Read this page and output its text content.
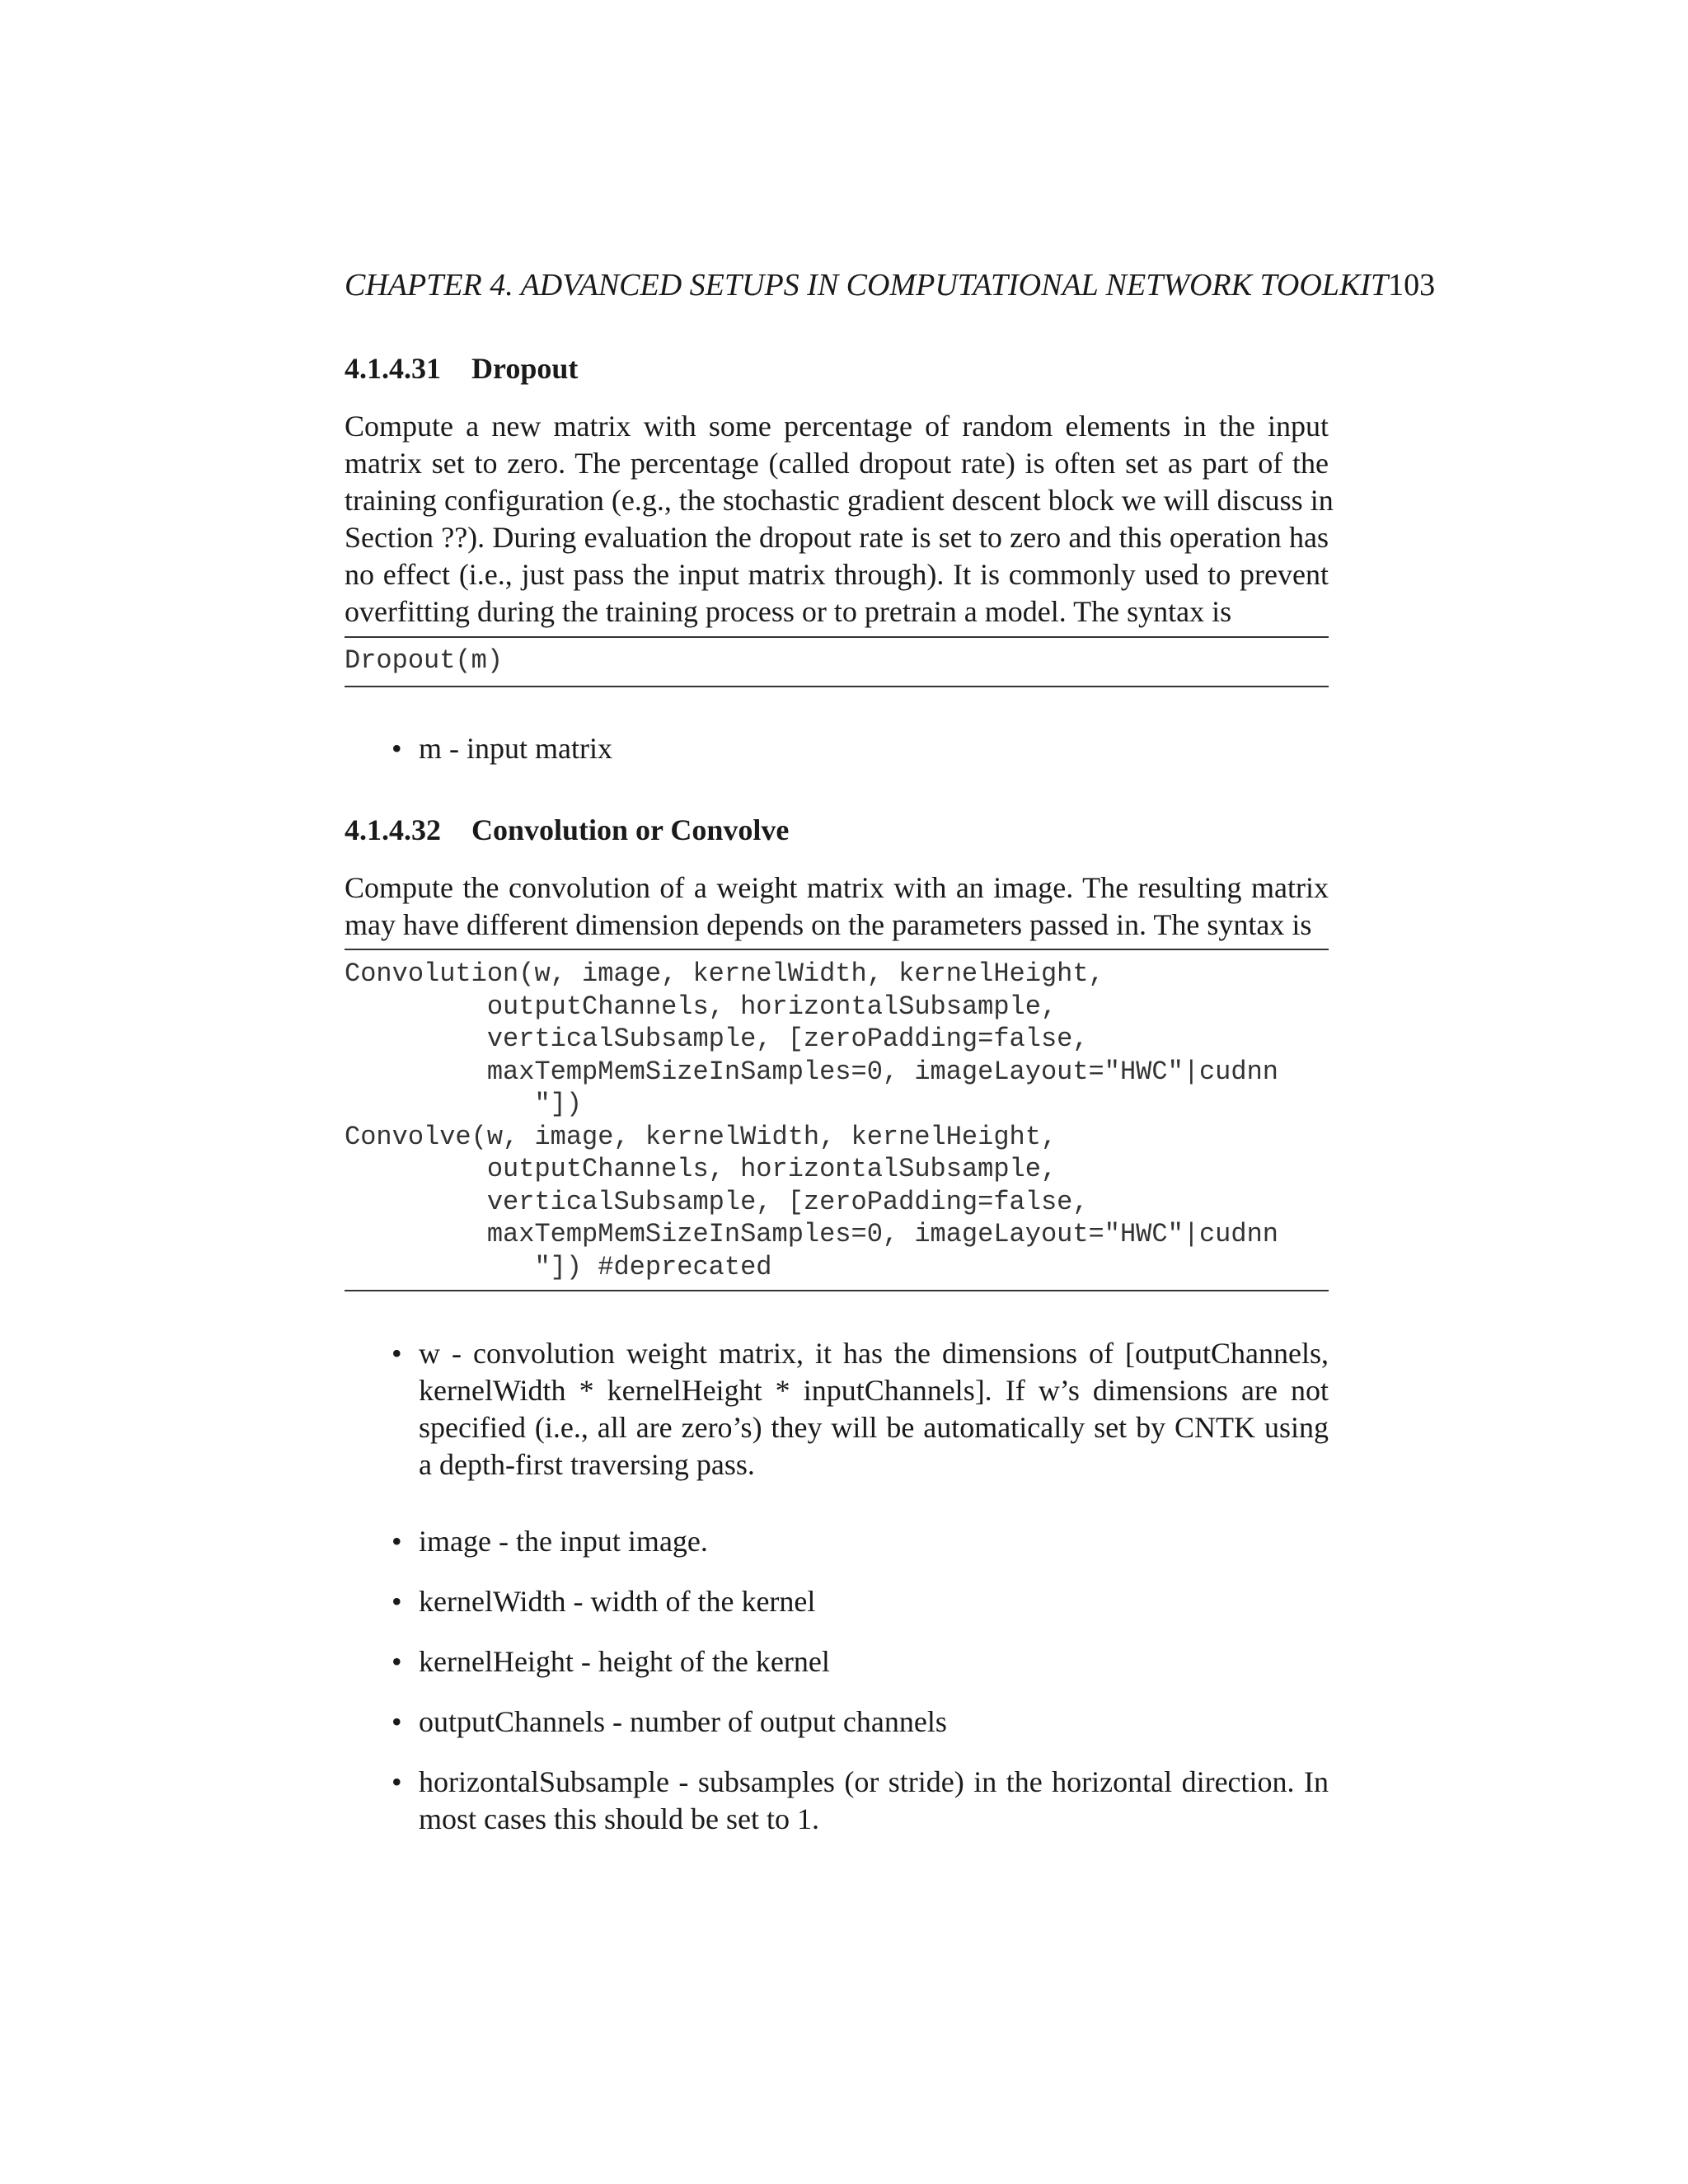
CHAPTER 4. ADVANCED SETUPS IN COMPUTATIONAL NETWORK TOOLKIT103
4.1.4.31 Dropout
Compute a new matrix with some percentage of random elements in the input
matrix set to zero. The percentage (called dropout rate) is often set as part of the
training configuration (e.g., the stochastic gradient descent block we will discuss in
Section ??). During evaluation the dropout rate is set to zero and this operation has
no effect (i.e., just pass the input matrix through). It is commonly used to prevent
overfitting during the training process or to pretrain a model. The syntax is
Dropout(m)
• m - input matrix
4.1.4.32 Convolution or Convolve
Compute the convolution of a weight matrix with an image. The resulting matrix
may have different dimension depends on the parameters passed in. The syntax is
Convolution(w, image, kernelWidth, kernelHeight,
outputChannels, horizontalSubsample,
verticalSubsample, [zeroPadding=false,
maxTempMemSizeInSamples=0, imageLayout="HWC"|cudnn
"])
Convolve(w, image, kernelWidth, kernelHeight,
outputChannels, horizontalSubsample,
verticalSubsample, [zeroPadding=false,
maxTempMemSizeInSamples=0, imageLayout="HWC"|cudnn
"]) #deprecated
• w - convolution weight matrix, it has the dimensions of [outputChannels,
kernelWidth * kernelHeight * inputChannels]. If w’s dimensions are not
specified (i.e., all are zero’s) they will be automatically set by CNTK using
a depth-first traversing pass.
• image - the input image.
• kernelWidth - width of the kernel
• kernelHeight - height of the kernel
• outputChannels - number of output channels
• horizontalSubsample - subsamples (or stride) in the horizontal direction. In
most cases this should be set to 1.
